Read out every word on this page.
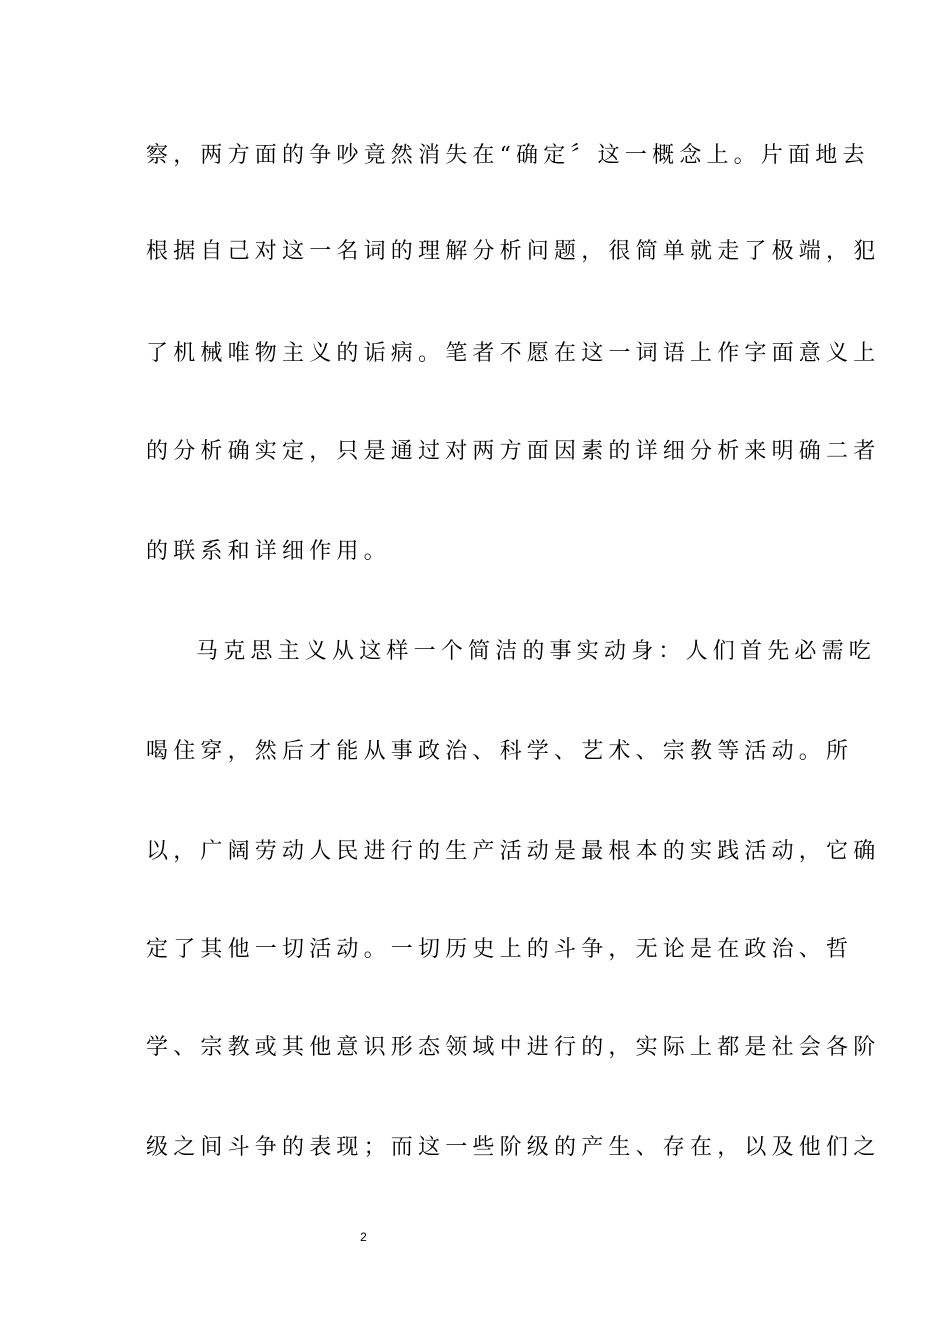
察，两方面的争吵竟然消失在“确定〞这一概念上。片面地去
根据自己对这一名词的理解分析问题，很简单就走了极端，犯
了机械唯物主义的诟病。笔者不愿在这一词语上作字面意义上
的分析确实定，只是通过对两方面因素的详细分析来明确二者
的联系和详细作用。
马克思主义从这样一个简洁的事实动身：人们首先必需吃
喝住穿，然后才能从事政治、科学、艺术、宗教等活动。所
以，广阔劳动人民进行的生产活动是最根本的实践活动，它确
定了其他一切活动。一切历史上的斗争，无论是在政治、哲
学、宗教或其他意识形态领域中进行的，实际上都是社会各阶
级之间斗争的表现；而这一些阶级的产生、存在，以及他们之
2
